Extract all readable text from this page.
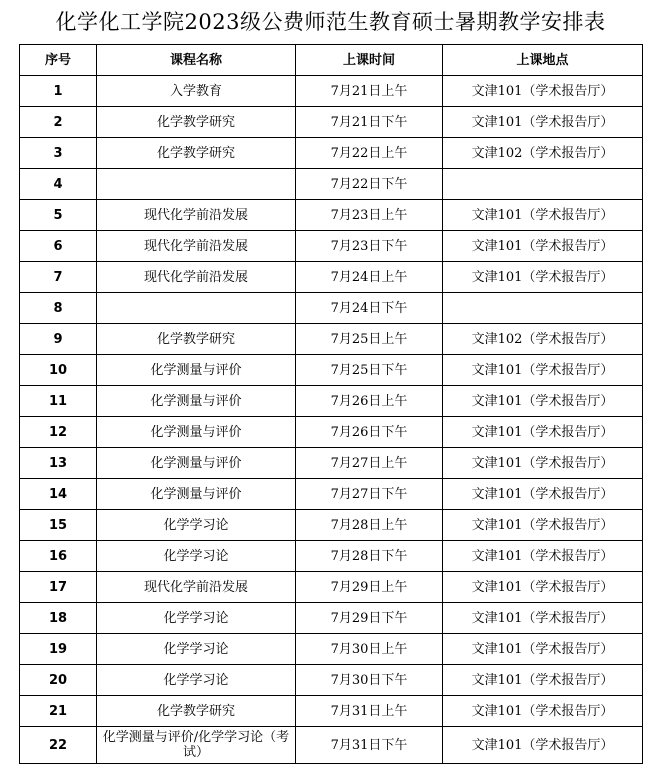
化学化工学院2023级公费师范生教育硕士暑期教学安排表
序号	课程名称	上课时间	上课地点
1	入学教育	7月21日上午	文津101（学术报告厅）
2	化学教学研究	7月21日下午	文津101（学术报告厅）
3	化学教学研究	7月22日上午	文津102（学术报告厅）
4		7月22日下午	
5	现代化学前沿发展	7月23日上午	文津101（学术报告厅）
6	现代化学前沿发展	7月23日下午	文津101（学术报告厅）
7	现代化学前沿发展	7月24日上午	文津101（学术报告厅）
8		7月24日下午	
9	化学教学研究	7月25日上午	文津102（学术报告厅）
10	化学测量与评价	7月25日下午	文津101（学术报告厅）
11	化学测量与评价	7月26日上午	文津101（学术报告厅）
12	化学测量与评价	7月26日下午	文津101（学术报告厅）
13	化学测量与评价	7月27日上午	文津101（学术报告厅）
14	化学测量与评价	7月27日下午	文津101（学术报告厅）
15	化学学习论	7月28日上午	文津101（学术报告厅）
16	化学学习论	7月28日下午	文津101（学术报告厅）
17	现代化学前沿发展	7月29日上午	文津101（学术报告厅）
18	化学学习论	7月29日下午	文津101（学术报告厅）
19	化学学习论	7月30日上午	文津101（学术报告厅）
20	化学学习论	7月30日下午	文津101（学术报告厅）
21	化学教学研究	7月31日上午	文津101（学术报告厅）
22	化学测量与评价/化学学习论（考试）	7月31日下午	文津101（学术报告厅）
